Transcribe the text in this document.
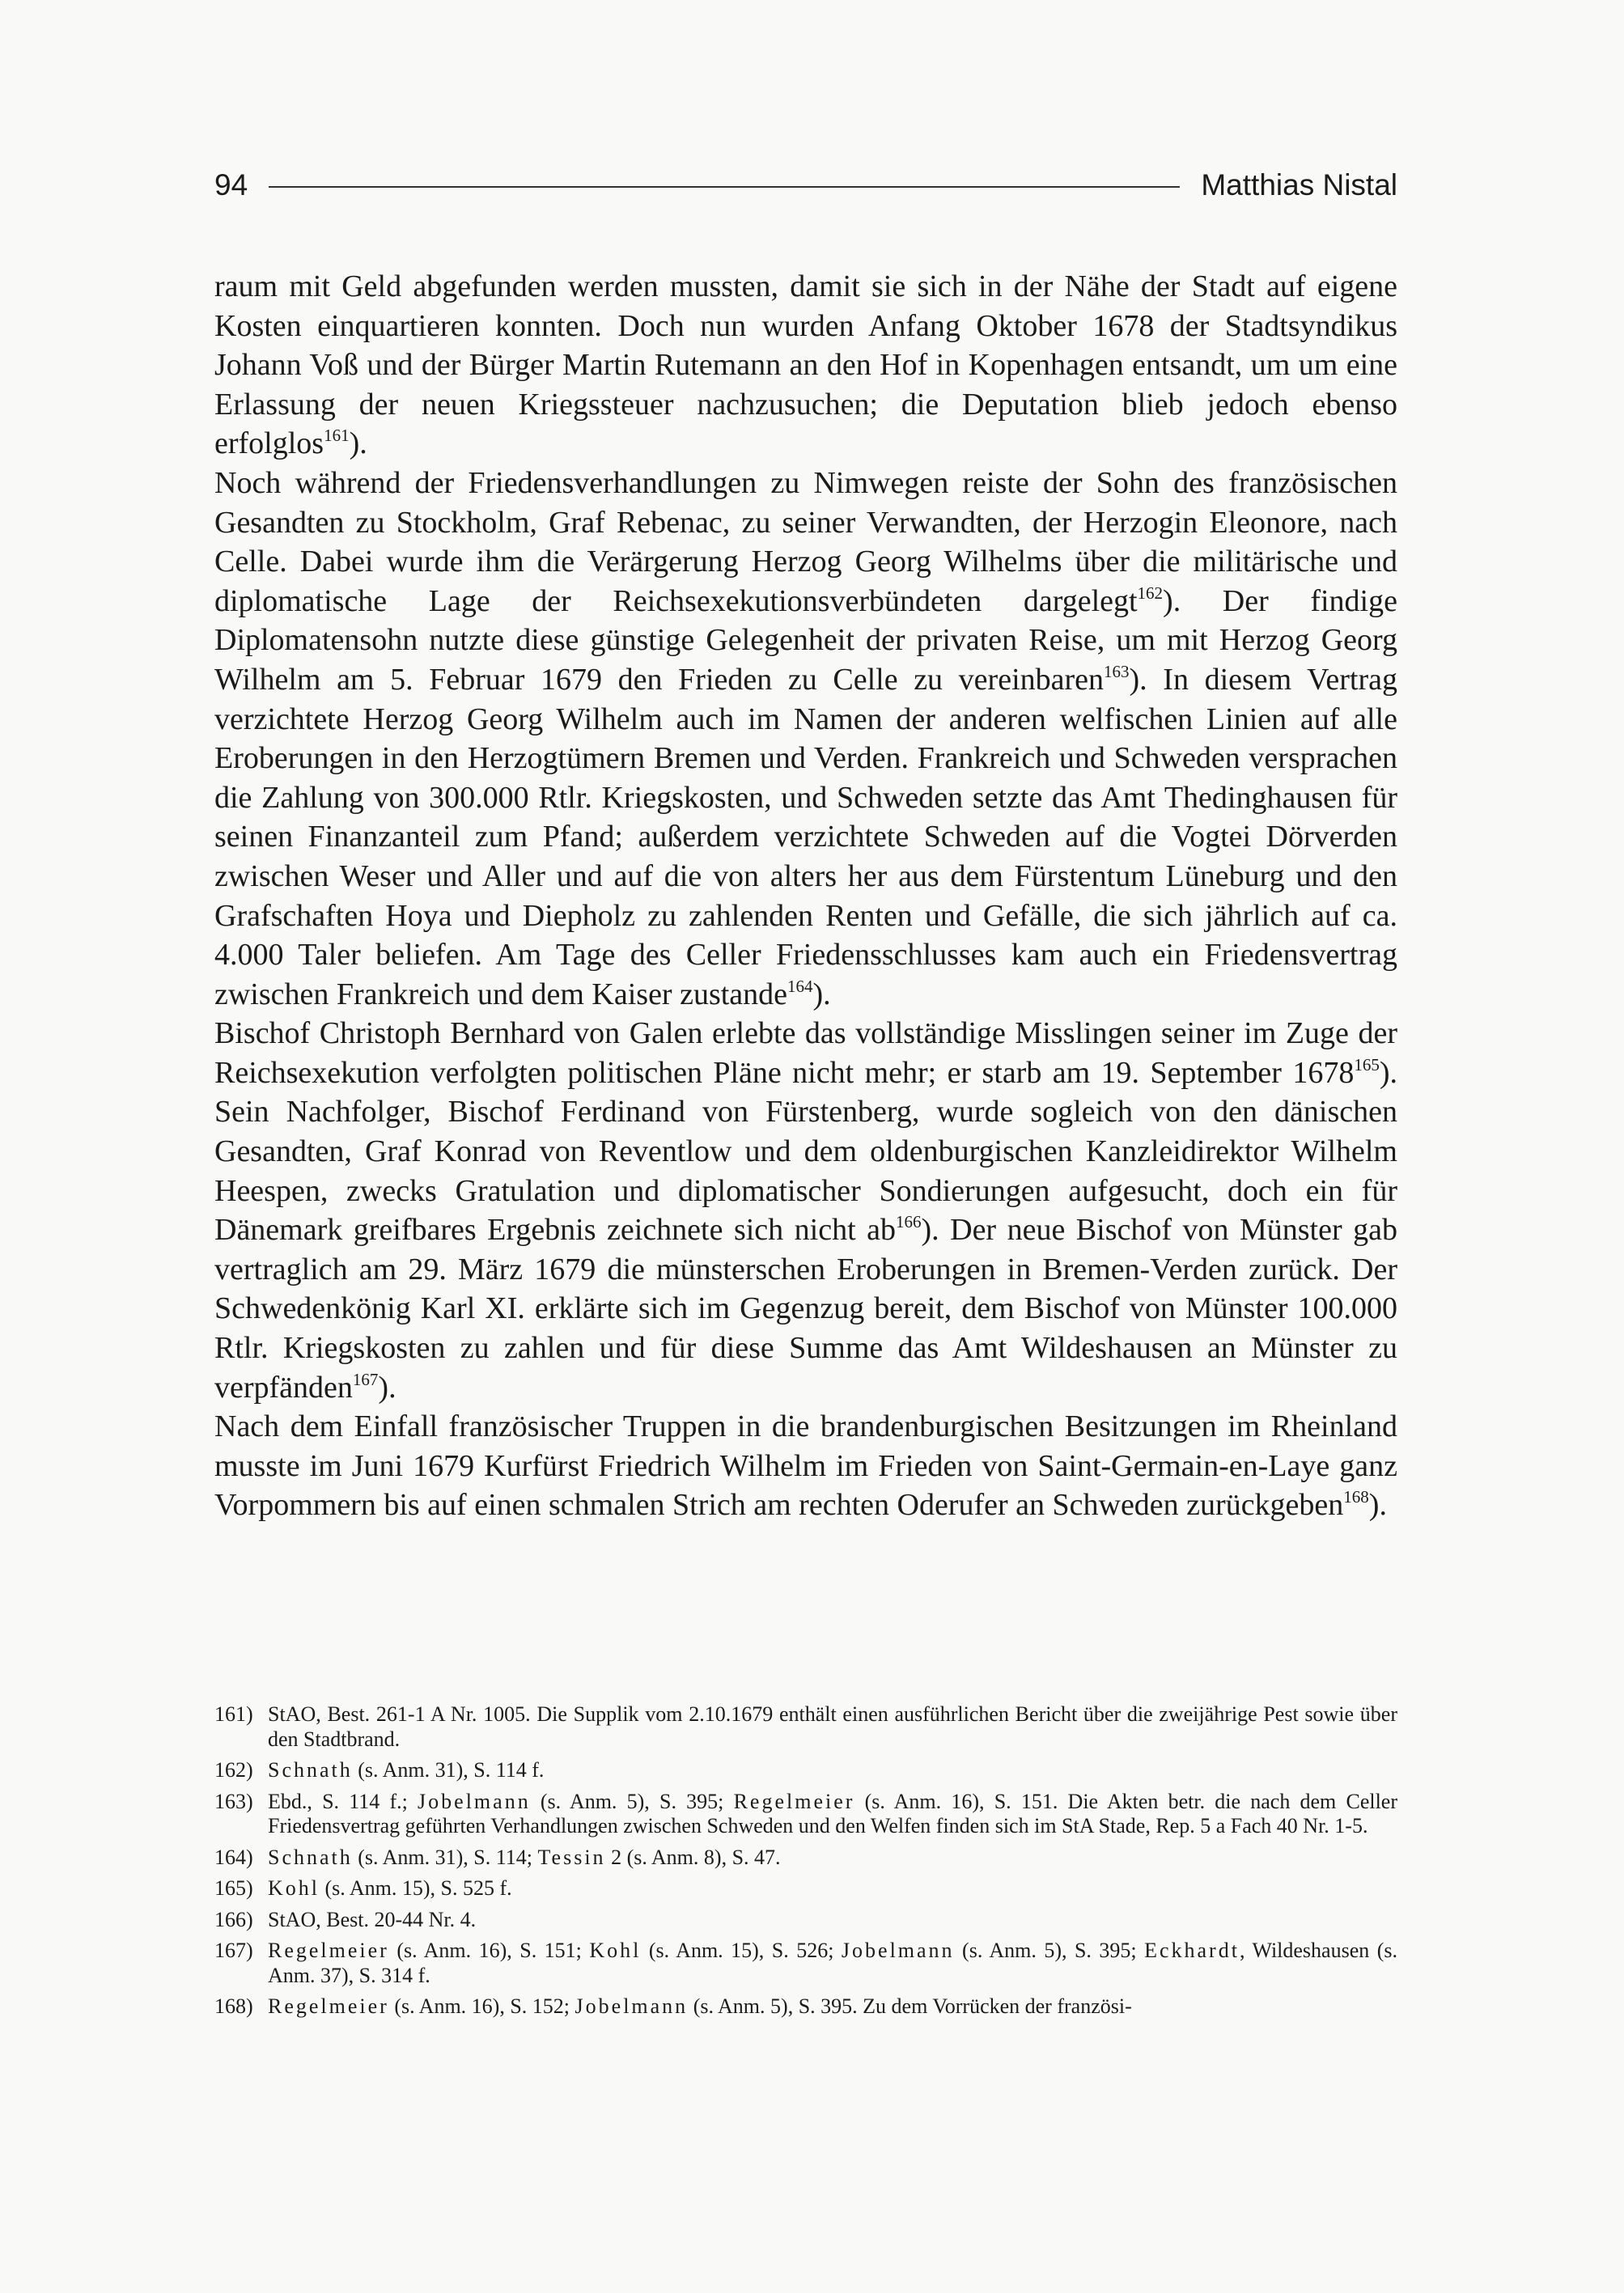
94	Matthias Nistal

raum mit Geld abgefunden werden mussten, damit sie sich in der Nähe der Stadt auf eigene Kosten einquartieren konnten. Doch nun wurden Anfang Oktober 1678 der Stadtsyndikus Johann Voß und der Bürger Martin Rutemann an den Hof in Kopenhagen entsandt, um um eine Erlassung der neuen Kriegssteuer nachzusuchen; die Deputation blieb jedoch ebenso erfolglos$^{161}$).

Noch während der Friedensverhandlungen zu Nimwegen reiste der Sohn des französischen Gesandten zu Stockholm, Graf Rebenac, zu seiner Verwandten, der Herzogin Eleonore, nach Celle. Dabei wurde ihm die Verärgerung Herzog Georg Wilhelms über die militärische und diplomatische Lage der Reichsexekutionsverbündeten dargelegt$^{162}$). Der findige Diplomatensohn nutzte diese günstige Gelegenheit der privaten Reise, um mit Herzog Georg Wilhelm am 5. Februar 1679 den Frieden zu Celle zu vereinbaren$^{163}$). In diesem Vertrag verzichtete Herzog Georg Wilhelm auch im Namen der anderen welfischen Linien auf alle Eroberungen in den Herzogtümern Bremen und Verden. Frankreich und Schweden versprachen die Zahlung von 300.000 Rtlr. Kriegskosten, und Schweden setzte das Amt Thedinghausen für seinen Finanzanteil zum Pfand; außerdem verzichtete Schweden auf die Vogtei Dörverden zwischen Weser und Aller und auf die von alters her aus dem Fürstentum Lüneburg und den Grafschaften Hoya und Diepholz zu zahlenden Renten und Gefälle, die sich jährlich auf ca. 4.000 Taler beliefen. Am Tage des Celler Friedensschlusses kam auch ein Friedensvertrag zwischen Frankreich und dem Kaiser zustande$^{164}$).

Bischof Christoph Bernhard von Galen erlebte das vollständige Misslingen seiner im Zuge der Reichsexekution verfolgten politischen Pläne nicht mehr; er starb am 19. September 1678$^{165}$). Sein Nachfolger, Bischof Ferdinand von Fürstenberg, wurde sogleich von den dänischen Gesandten, Graf Konrad von Reventlow und dem oldenburgischen Kanzleidirektor Wilhelm Heespen, zwecks Gratulation und diplomatischer Sondierungen aufgesucht, doch ein für Dänemark greifbares Ergebnis zeichnete sich nicht $ab^{166}$). Der neue Bischof von Münster gab vertraglich am 29. März 1679 die münsterschen Eroberungen in Bremen-Verden zurück. Der Schwedenkönig Karl XI. erklärte sich im Gegenzug bereit, dem Bischof von Münster 100.000 Rtlr. Kriegskosten zu zahlen und für diese Summe das Amt Wildeshausen an Münster zu verpfänden$^{167}$).

Nach dem Einfall französischer Truppen in die brandenburgischen Besitzungen im Rheinland musste im Juni 1679 Kurfürst Friedrich Wilhelm im Frieden von Saint-Germain-en-Laye ganz Vorpommern bis auf einen schmalen Strich am rechten Oderufer an Schweden zurückgeben$^{168}$).

161) StAO, Best. 261-1 A Nr. 1005. Die Supplik vom 2.10.1679 enthält einen ausführlichen Bericht über die zweijährige Pest sowie über den Stadtbrand.
162) Schnath (s. Anm. 31), S. 114 f.
163) Ebd., S. 114 f.; Jobelmann (s. Anm. 5), S. 395; Regelmeier (s. Anm. 16), S. 151. Die Akten betr. die nach dem Celler Friedensvertrag geführten Verhandlungen zwischen Schweden und den Welfen finden sich im StA Stade, Rep. 5 a Fach 40 Nr. 1-5.
164) Schnath (s. Anm. 31), S. 114; Tessin 2 (s. Anm. 8), S. 47.
165) Kohl (s. Anm. 15), S. 525 f.
166) StAO, Best. 20-44 Nr. 4.
167) Regelmeier (s. Anm. 16), S. 151; Kohl (s. Anm. 15), S. 526; Jobelmann (s. Anm. 5), S. 395; Eckhardt, Wildeshausen (s. Anm. 37), S. 314 f.
168) Regelmeier (s. Anm. 16), S. 152; Jobelmann (s. Anm. 5), S. 395. Zu dem Vorrücken der französi-
